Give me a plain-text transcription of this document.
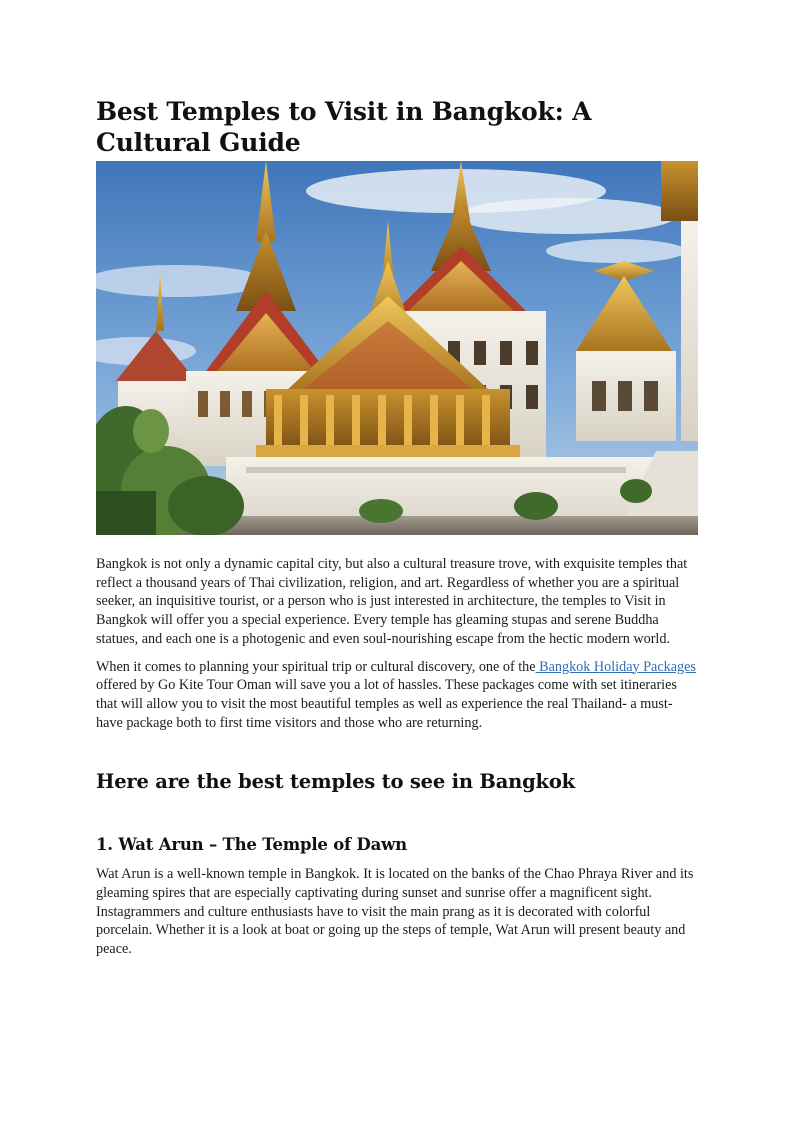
Best Temples to Visit in Bangkok: A Cultural Guide

Bangkok is not only a dynamic capital city, but also a cultural treasure trove, with exquisite temples that reflect a thousand years of Thai civilization, religion, and art. Regardless of whether you are a spiritual seeker, an inquisitive tourist, or a person who is just interested in architecture, the temples to Visit in Bangkok will offer you a special experience. Every temple has gleaming stupas and serene Buddha statues, and each one is a photogenic and even soul-nourishing escape from the hectic modern world.

When it comes to planning your spiritual trip or cultural discovery, one of the Bangkok Holiday Packages offered by Go Kite Tour Oman will save you a lot of hassles. These packages come with set itineraries that will allow you to visit the most beautiful temples as well as experience the real Thailand- a must-have package both to first time visitors and those who are returning.

Here are the best temples to see in Bangkok
1. Wat Arun – The Temple of Dawn

Wat Arun is a well-known temple in Bangkok. It is located on the banks of the Chao Phraya River and its gleaming spires that are especially captivating during sunset and sunrise offer a magnificent sight. Instagrammers and culture enthusiasts have to visit the main prang as it is decorated with colorful porcelain. Whether it is a look at boat or going up the steps of temple, Wat Arun will present beauty and peace.
